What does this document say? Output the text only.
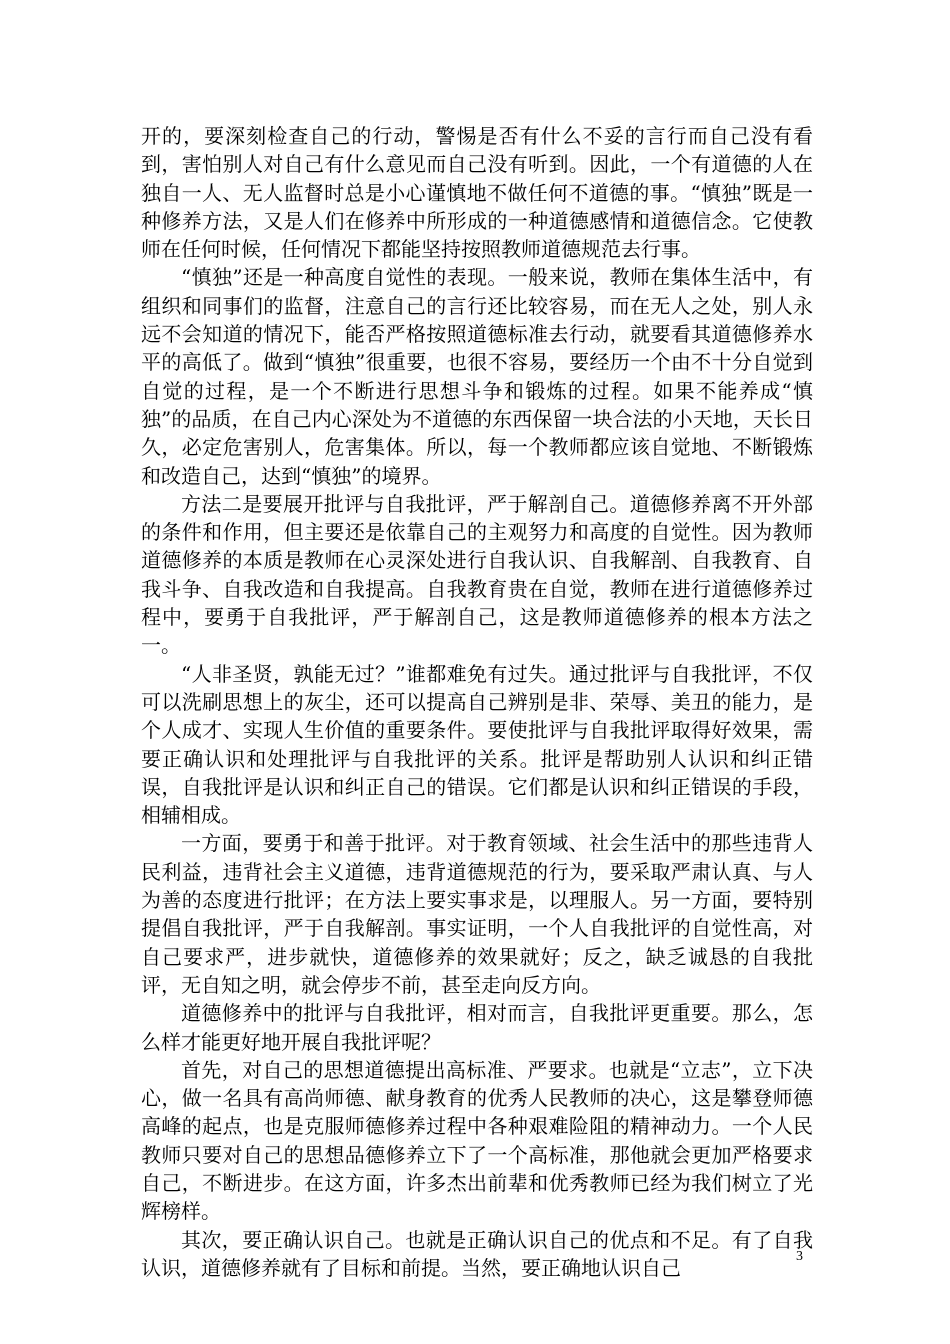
开的，要深刻检查自己的行动，警惕是否有什么不妥的言行而自己没有看到，害怕别人对自己有什么意见而自己没有听到。因此，一个有道德的人在独自一人、无人监督时总是小心谨慎地不做任何不道德的事。“慎独”既是一种修养方法，又是人们在修养中所形成的一种道德感情和道德信念。它使教师在任何时候，任何情况下都能坚持按照教师道德规范去行事。

“慎独”还是一种高度自觉性的表现。一般来说，教师在集体生活中，有组织和同事们的监督，注意自己的言行还比较容易，而在无人之处，别人永远不会知道的情况下，能否严格按照道德标准去行动，就要看其道德修养水平的高低了。做到“慎独”很重要，也很不容易，要经历一个由不十分自觉到自觉的过程，是一个不断进行思想斗争和锻炼的过程。如果不能养成“慎独”的品质，在自己内心深处为不道德的东西保留一块合法的小天地，天长日久，必定危害别人，危害集体。所以，每一个教师都应该自觉地、不断锻炼和改造自己，达到“慎独”的境界。

方法二是要展开批评与自我批评，严于解剖自己。道德修养离不开外部的条件和作用，但主要还是依靠自己的主观努力和高度的自觉性。因为教师道德修养的本质是教师在心灵深处进行自我认识、自我解剖、自我教育、自我斗争、自我改造和自我提高。自我教育贵在自觉，教师在进行道德修养过程中，要勇于自我批评，严于解剖自己，这是教师道德修养的根本方法之一。

“人非圣贤，孰能无过？”谁都难免有过失。通过批评与自我批评，不仅可以洗刷思想上的灰尘，还可以提高自己辨别是非、荣辱、美丑的能力，是个人成才、实现人生价值的重要条件。要使批评与自我批评取得好效果，需要正确认识和处理批评与自我批评的关系。批评是帮助别人认识和纠正错误，自我批评是认识和纠正自己的错误。它们都是认识和纠正错误的手段，相辅相成。

一方面，要勇于和善于批评。对于教育领域、社会生活中的那些违背人民利益，违背社会主义道德，违背道德规范的行为，要采取严肃认真、与人为善的态度进行批评；在方法上要实事求是，以理服人。另一方面，要特别提倡自我批评，严于自我解剖。事实证明，一个人自我批评的自觉性高，对自己要求严，进步就快，道德修养的效果就好；反之，缺乏诚恳的自我批评，无自知之明，就会停步不前，甚至走向反方向。

道德修养中的批评与自我批评，相对而言，自我批评更重要。那么，怎么样才能更好地开展自我批评呢？

首先，对自己的思想道德提出高标准、严要求。也就是“立志”，立下决心，做一名具有高尚师德、献身教育的优秀人民教师的决心，这是攀登师德高峰的起点，也是克服师德修养过程中各种艰难险阻的精神动力。一个人民教师只要对自己的思想品德修养立下了一个高标准，那他就会更加严格要求自己，不断进步。在这方面，许多杰出前辈和优秀教师已经为我们树立了光辉榜样。

其次，要正确认识自己。也就是正确认识自己的优点和不足。有了自我认识，道德修养就有了目标和前提。当然，要正确地认识自己	3
